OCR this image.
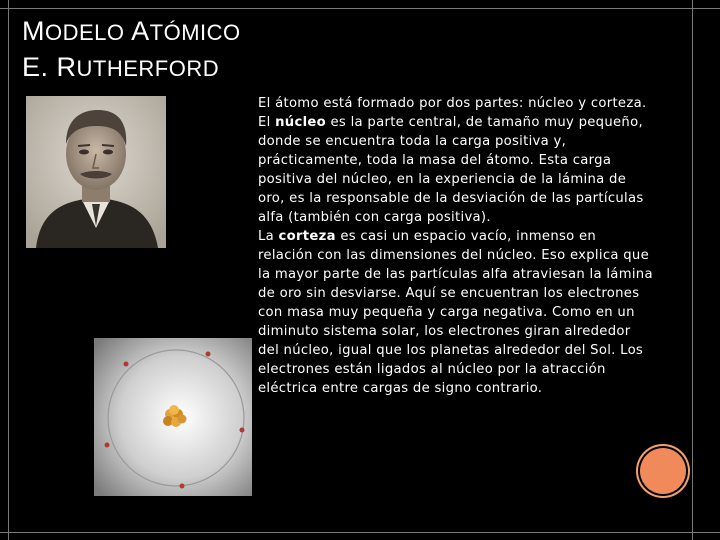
MODELO ATÓMICO
E. RUTHERFORD

El átomo está formado por dos partes: núcleo y corteza.
El núcleo es la parte central, de tamaño muy pequeño, donde se encuentra toda la carga positiva y, prácticamente, toda la masa del átomo. Esta carga positiva del núcleo, en la experiencia de la lámina de oro, es la responsable de la desviación de las partículas alfa (también con carga positiva).
La corteza es casi un espacio vacío, inmenso en relación con las dimensiones del núcleo. Eso explica que la mayor parte de las partículas alfa atraviesan la lámina de oro sin desviarse. Aquí se encuentran los electrones con masa muy pequeña y carga negativa. Como en un diminuto sistema solar, los electrones giran alrededor del núcleo, igual que los planetas alrededor del Sol. Los electrones están ligados al núcleo por la atracción eléctrica entre cargas de signo contrario.
